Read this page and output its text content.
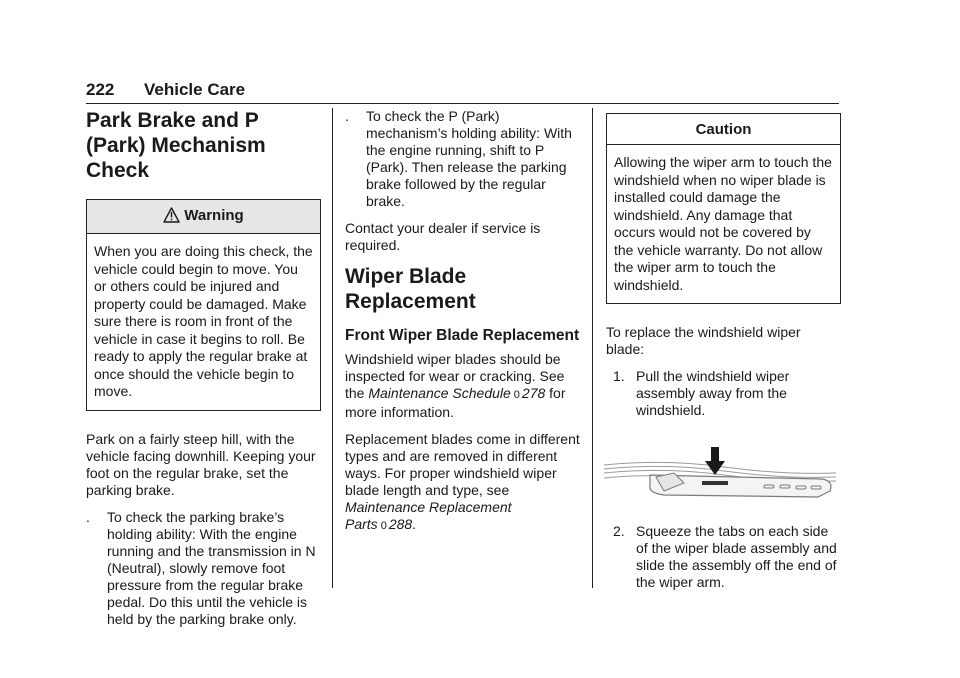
222 Vehicle Care
Park Brake and P (Park) Mechanism Check
Warning
When you are doing this check, the vehicle could begin to move. You or others could be injured and property could be damaged. Make sure there is room in front of the vehicle in case it begins to roll. Be ready to apply the regular brake at once should the vehicle begin to move.

Park on a fairly steep hill, with the vehicle facing downhill. Keeping your foot on the regular brake, set the parking brake.

. To check the parking brake’s holding ability: With the engine running and the transmission in N (Neutral), slowly remove foot pressure from the regular brake pedal. Do this until the vehicle is held by the parking brake only.
. To check the P (Park) mechanism’s holding ability: With the engine running, shift to P (Park). Then release the parking brake followed by the regular brake.

Contact your dealer if service is required.

Wiper Blade Replacement
Front Wiper Blade Replacement

Windshield wiper blades should be inspected for wear or cracking. See the Maintenance Schedule 0 278 for more information.

Replacement blades come in different types and are removed in different ways. For proper windshield wiper blade length and type, see Maintenance Replacement Parts 0 288.

Caution
Allowing the wiper arm to touch the windshield when no wiper blade is installed could damage the windshield. Any damage that occurs would not be covered by the vehicle warranty. Do not allow the wiper arm to touch the windshield.

To replace the windshield wiper blade:

1. Pull the windshield wiper assembly away from the windshield.
2. Squeeze the tabs on each side of the wiper blade assembly and slide the assembly off the end of the wiper arm.
